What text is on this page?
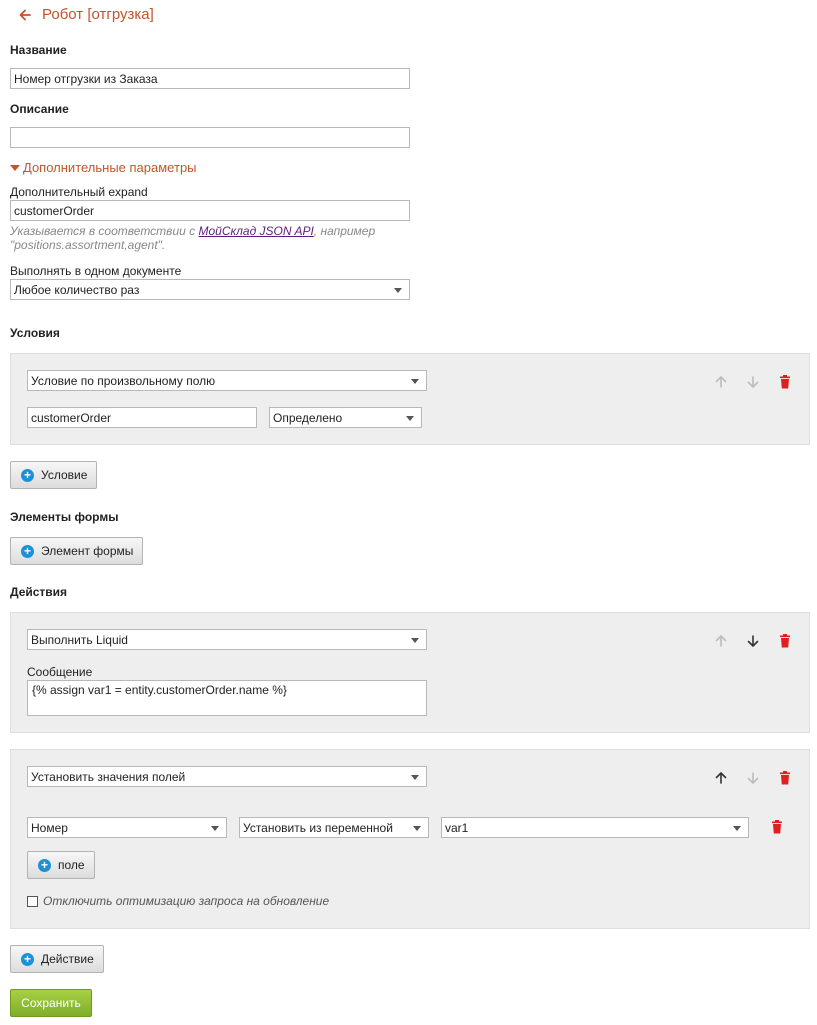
Робот [отгрузка]
Название
Номер отгрузки из Заказа
Описание
Дополнительные параметры
Дополнительный expand
customerOrder
Указывается в соответствии с МойСклад JSON API, например
"positions.assortment,agent".
Выполнять в одном документе
Любое количество раз
Условия
Условие по произвольному полю
customerOrder	Определено
+ Условие
Элементы формы
+ Элемент формы
Действия
Выполнить Liquid
Сообщение
{% assign var1 = entity.customerOrder.name %}
Установить значения полей
Номер	Установить из переменной	var1
+ поле
Отключить оптимизацию запроса на обновление
+ Действие
Сохранить
